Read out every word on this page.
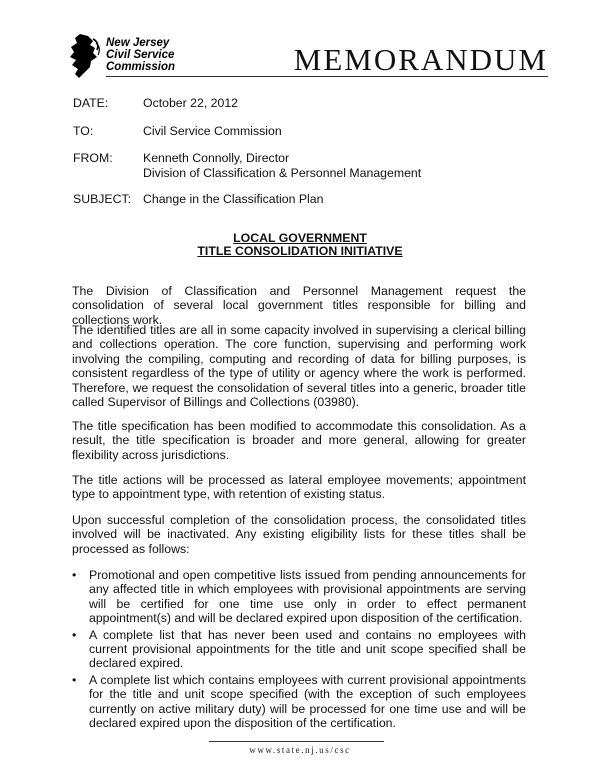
New Jersey
Civil Service
Commission	MEMORANDUM
DATE:	October 22, 2012
TO:	Civil Service Commission
FROM: Kenneth Connolly, Director
Division of Classification & Personnel Management
SUBJECT: Change in the Classification Plan
LOCAL GOVERNMENT
TITLE CONSOLIDATION INITIATIVE

The Division of Classification and Personnel Management request the consolidation of several local government titles responsible for billing and collections work.

The identified titles are all in some capacity involved in supervising a clerical billing and collections operation. The core function, supervising and performing work involving the compiling, computing and recording of data for billing purposes, is consistent regardless of the type of utility or agency where the work is performed. Therefore, we request the consolidation of several titles into a generic, broader title called Supervisor of Billings and Collections (03980).

The title specification has been modified to accommodate this consolidation. As a result, the title specification is broader and more general, allowing for greater flexibility across jurisdictions.

The title actions will be processed as lateral employee movements; appointment type to appointment type, with retention of existing status.

Upon successful completion of the consolidation process, the consolidated titles involved will be inactivated. Any existing eligibility lists for these titles shall be processed as follows:

• Promotional and open competitive lists issued from pending announcements for any affected title in which employees with provisional appointments are serving will be certified for one time use only in order to effect permanent appointment(s) and will be declared expired upon disposition of the certification.
• A complete list that has never been used and contains no employees with current provisional appointments for the title and unit scope specified shall be declared expired.
• A complete list which contains employees with current provisional appointments for the title and unit scope specified (with the exception of such employees currently on active military duty) will be processed for one time use and will be declared expired upon the disposition of the certification.
www.state.nj.us/csc
